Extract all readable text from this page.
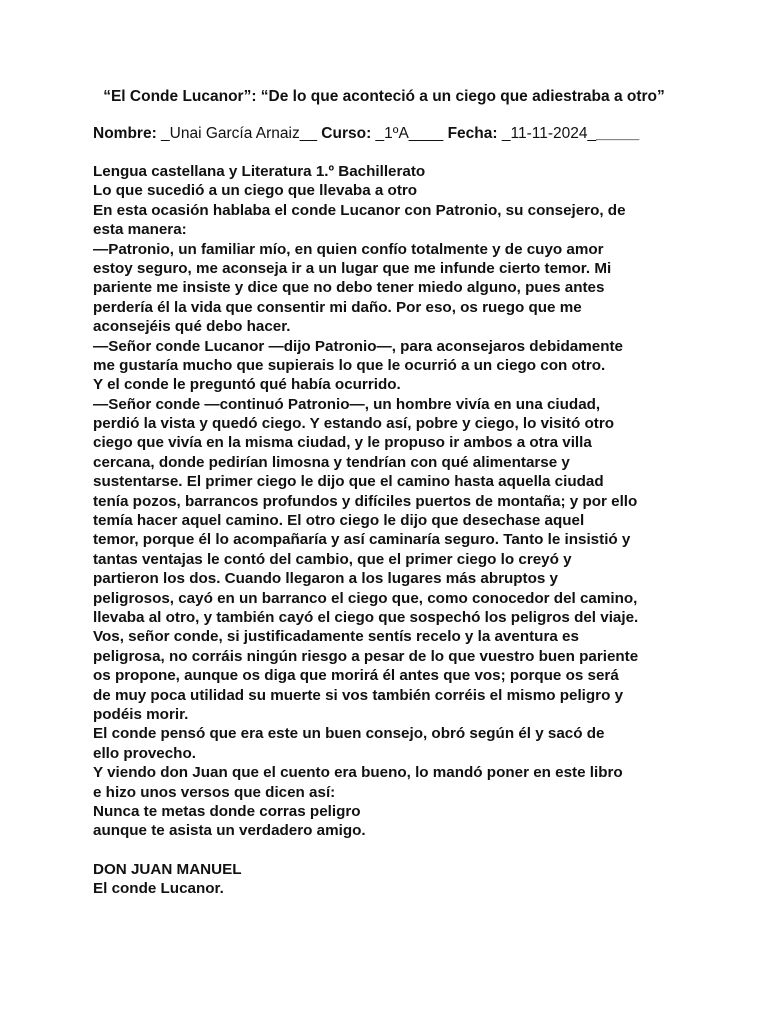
“El Conde Lucanor”: “De lo que aconteció a un ciego que adiestraba a otro”
Nombre: _Unai García Arnaiz__ Curso: _1ºA____ Fecha: _11-11-2024______
Lengua castellana y Literatura 1.º Bachillerato
Lo que sucedió a un ciego que llevaba a otro
En esta ocasión hablaba el conde Lucanor con Patronio, su consejero, de
esta manera:
—Patronio, un familiar mío, en quien confío totalmente y de cuyo amor
estoy seguro, me aconseja ir a un lugar que me infunde cierto temor. Mi
pariente me insiste y dice que no debo tener miedo alguno, pues antes
perdería él la vida que consentir mi daño. Por eso, os ruego que me
aconsejéis qué debo hacer.
—Señor conde Lucanor —dijo Patronio—, para aconsejaros debidamente
me gustaría mucho que supierais lo que le ocurrió a un ciego con otro.
Y el conde le preguntó qué había ocurrido.
—Señor conde —continuó Patronio—, un hombre vivía en una ciudad,
perdió la vista y quedó ciego. Y estando así, pobre y ciego, lo visitó otro
ciego que vivía en la misma ciudad, y le propuso ir ambos a otra villa
cercana, donde pedirían limosna y tendrían con qué alimentarse y
sustentarse. El primer ciego le dijo que el camino hasta aquella ciudad
tenía pozos, barrancos profundos y difíciles puertos de montaña; y por ello
temía hacer aquel camino. El otro ciego le dijo que desechase aquel
temor, porque él lo acompañaría y así caminaría seguro. Tanto le insistió y
tantas ventajas le contó del cambio, que el primer ciego lo creyó y
partieron los dos. Cuando llegaron a los lugares más abruptos y
peligrosos, cayó en un barranco el ciego que, como conocedor del camino,
llevaba al otro, y también cayó el ciego que sospechó los peligros del viaje.
Vos, señor conde, si justificadamente sentís recelo y la aventura es
peligrosa, no corráis ningún riesgo a pesar de lo que vuestro buen pariente
os propone, aunque os diga que morirá él antes que vos; porque os será
de muy poca utilidad su muerte si vos también corréis el mismo peligro y
podéis morir.
El conde pensó que era este un buen consejo, obró según él y sacó de
ello provecho.
Y viendo don Juan que el cuento era bueno, lo mandó poner en este libro
e hizo unos versos que dicen así:
Nunca te metas donde corras peligro
aunque te asista un verdadero amigo.
DON JUAN MANUEL
El conde Lucanor.
